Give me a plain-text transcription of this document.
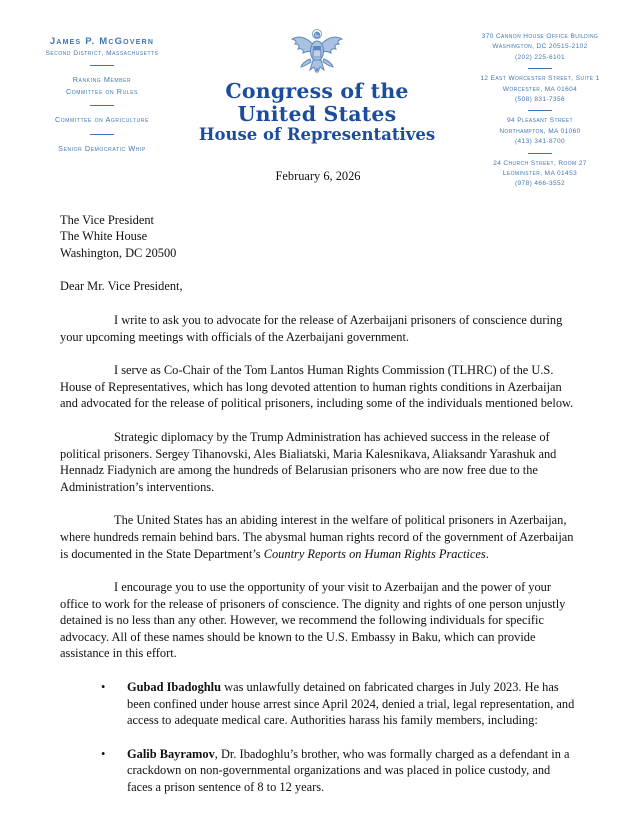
James P. McGovern
Second District, Massachusetts
Ranking Member
Committee on Rules
Committee on Agriculture
Senior Democratic Whip
Congress of the United States
House of Representatives
370 Cannon House Office Building
Washington, DC 20515-2102
(202) 225-6101
12 East Worcester Street, Suite 1
Worcester, MA 01604
(508) 831-7356
94 Pleasant Street
Northampton, MA 01060
(413) 341-8700
24 Church Street, Room 27
Leominster, MA 01453
(978) 466-3552
February 6, 2026
The Vice President
The White House
Washington, DC 20500
Dear Mr. Vice President,

I write to ask you to advocate for the release of Azerbaijani prisoners of conscience during your upcoming meetings with officials of the Azerbaijani government.

I serve as Co-Chair of the Tom Lantos Human Rights Commission (TLHRC) of the U.S. House of Representatives, which has long devoted attention to human rights conditions in Azerbaijan and advocated for the release of political prisoners, including some of the individuals mentioned below.

Strategic diplomacy by the Trump Administration has achieved success in the release of political prisoners. Sergey Tihanovski, Ales Bialiatski, Maria Kalesnikava, Aliaksandr Yarashuk and Hennadz Fiadynich are among the hundreds of Belarusian prisoners who are now free due to the Administration’s interventions.

The United States has an abiding interest in the welfare of political prisoners in Azerbaijan, where hundreds remain behind bars. The abysmal human rights record of the government of Azerbaijan is documented in the State Department’s Country Reports on Human Rights Practices.

I encourage you to use the opportunity of your visit to Azerbaijan and the power of your office to work for the release of prisoners of conscience. The dignity and rights of one person unjustly detained is no less than any other. However, we recommend the following individuals for specific advocacy. All of these names should be known to the U.S. Embassy in Baku, which can provide assistance in this effort.

•	Gubad Ibadoghlu was unlawfully detained on fabricated charges in July 2023. He has been confined under house arrest since April 2024, denied a trial, legal representation, and access to adequate medical care. Authorities harass his family members, including:
•	Galib Bayramov, Dr. Ibadoghlu’s brother, who was formally charged as a defendant in a crackdown on non-governmental organizations and was placed in police custody, and faces a prison sentence of 8 to 12 years.
